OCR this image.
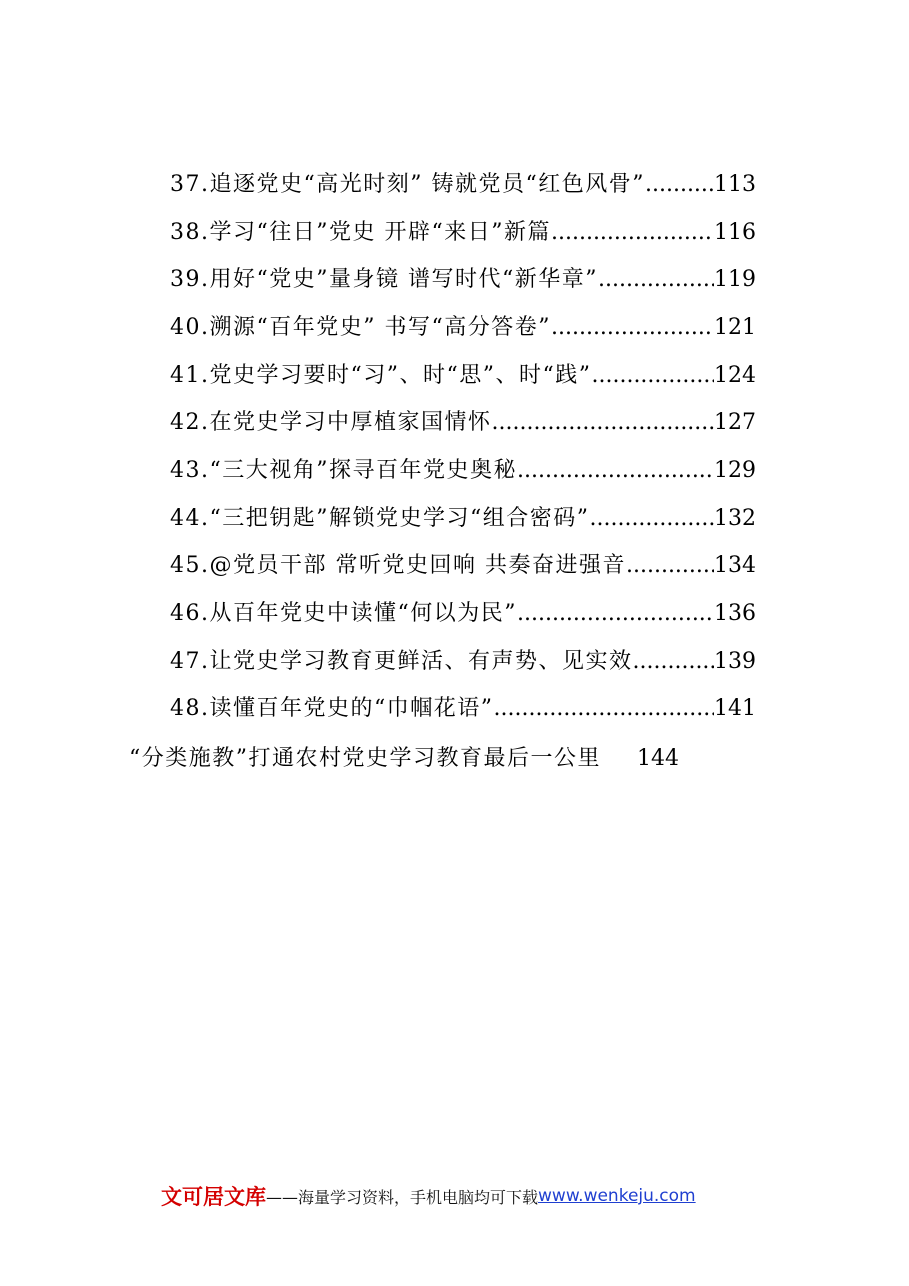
37.追逐党史“高光时刻” 铸就党员“红色风骨” .....	113
38.学习“往日”党史 开辟“来日”新篇 .....	116
39.用好“党史”量身镜 谱写时代“新华章” .....	119
40.溯源“百年党史” 书写“高分答卷” .....	121
41.党史学习要时“习”、时“思”、时“践” .....	124
42.在党史学习中厚植家国情怀 .....	127
43.“三大视角”探寻百年党史奥秘 .....	129
44.“三把钥匙”解锁党史学习“组合密码” .....	132
45.@党员干部 常听党史回响 共奏奋进强音 .....	134
46.从百年党史中读懂“何以为民” .....	136
47.让党史学习教育更鲜活、有声势、见实效 .....	139
48.读懂百年党史的“巾帼花语” .....	141
“分类施教”打通农村党史学习教育最后一公里 144
文可居文库 ——海量学习资料，手机电脑均可下载 www.wenkeju.com
